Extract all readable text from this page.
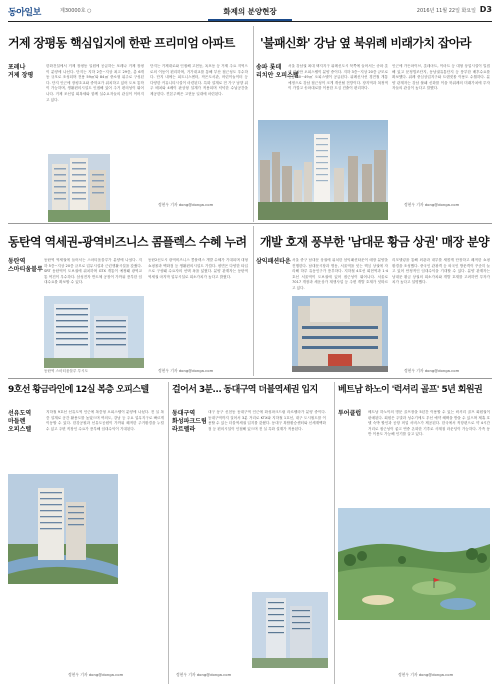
동아일보	제30000호 ○	화제의 분양현장	2016년 11월 22일 화요일 D3
거제 장평동 핵심입지에 한판 프리미엄 아파트
포레나
거제 장평
한화건설에서 거제 장평동 일원에 공급하는 포레나 거제 장평이 분양에 나선다. 단지는 지하 2층~지상 최고 29층, 총 6개 동 규모로 조성되며 전용 59㎡와 84㎡ 중소형 위주로 구성된다. 단지 인근에 장평초교와 중학교가 위치하고 있어 도보 통학이 가능하며, 생활편의시설도 인접해 있어 주거 편의성이 뛰어나다. 거제 조선업 회복세와 함께 실수요자들의 관심이 이어지고 있다.
단지는 거제대로와 인접해 고현동, 옥포동 등 거제 주요 지역으로의 이동이 편리하며, 거가대교를 통해 부산 접근성도 우수하다. 단지 내에는 피트니스센터, 작은도서관, 어린이놀이터 등 다양한 커뮤니티시설이 마련된다. 특화 설계로 전 가구 남향 위주 배치와 4베이 판상형 설계가 적용되며 넉넉한 수납공간을 제공한다. 견본주택은 고현동 일대에 마련된다.
정현우 기자 dong@donga.com
'불패신화' 강남 옆 북위례 비래가치 잡아라
송파 롯데
리치안 오피스텔
서울 강남권 최대 택지지구 위례신도시 북쪽에 들어서는 송파 롯데 리치안 오피스텔이 분양 중이다. 지하 3층~지상 20층 규모로 전용 20~49㎡ 오피스텔이 공급된다. 위례신사선 경전철 개통 예정으로 강남 접근성이 크게 개선될 전망이다. 장지역과 복정역이 가깝고 송파대로를 이용한 도심 진출이 편리하다.
인근에 가든파이브, 롯데마트, 이마트 등 대형 상업시설이 밀집해 있고 문정법조단지, 동남권유통단지 등 풍부한 배후수요를 확보했다. 위례 중심상업지구와 트랜짓몰 이용도 수월하다. 분양 관계자는 강남 불패 신화를 이을 북위례의 미래가치에 투자자들의 관심이 높다고 말했다.
정현우 기자 dong@donga.com
동탄역 역세권-광역비즈니스 콤플렉스 수혜 누려
동탄역
스마티움블루
동탄역 역세권에 들어서는 스마티움블루가 분양에 나섰다. 지하 5층~지상 20층 규모로 업무시설과 근린생활시설을 갖췄다. SRT 동탄역이 도보권에 위치하며 GTX 개통이 예정돼 광역교통 여건이 우수하다. 삼성전자 반도체 공장이 가까워 풍부한 임대수요를 확보할 수 있다.
동탄역 스마티움블루 투시도
동탄2신도시 광역비즈니스 콤플렉스 개발 수혜가 기대되며 대형 쇼핑몰과 백화점 등 생활편의시설도 가깝다. 평면은 다양한 타입으로 구성돼 수요자의 선택 폭을 넓혔다. 분양 관계자는 동탄역 역세권 마지막 업무시설로 희소가치가 높다고 밝혔다.
정현우 기자 dong@donga.com
개발 호재 풍부한 '남대문 황금 상권' 매장 분양
삼익패션타운 서울 중구 남대문 상권에 위치한 삼익패션타운이 매장 분양을 진행한다. 남대문시장과 명동, 서울역을 잇는 핵심 상권에 자리해 하루 유동인구가 풍부하다. 지하철 4호선 회현역과 1·4호선 서울역이 도보권에 있어 접근성이 뛰어나다. 서울로 7017 개장과 세운상가 재생사업 등 주변 개발 호재가 잇따르고 있다.
리모델링을 통해 외관과 내부를 새롭게 단장하고 쾌적한 쇼핑 환경을 조성했다. 중국인 관광객 등 외국인 방문객이 꾸준히 늘고 있어 안정적인 임대수익을 기대할 수 있다. 분양 관계자는 남대문 황금 상권의 희소가치와 개발 호재를 고려하면 투자가치가 높다고 설명했다.
정현우 기자 dong@donga.com
9호선 황금라인에 12실 복층 오피스텔
선유도역
마들렌
오피스텔
지하철 9호선 선유도역 인근에 복층형 오피스텔이 분양에 나섰다. 전 실 복층 설계로 공간 활용도를 높였으며 여의도, 강남 등 주요 업무지구로 빠르게 이동할 수 있다. 한강공원과 선유도공원이 가까워 쾌적한 주거환경을 누릴 수 있고 주변 직장인 수요가 풍부해 임대수익이 기대된다.
정현우 기자 dong@donga.com
걸어서 3분… 동대구역 더블역세권 입지
동대구역
화성파크드림
라르펠라
대구 동구 신천동 동대구역 인근에 화성파크드림 라르펠라가 분양 중이다. 동대구역까지 걸어서 3분 거리로 KTX와 지하철 1호선, 대구 도시철도를 이용할 수 있는 더블역세권 입지를 갖췄다. 동대구 복합환승센터와 신세계백화점 등 편의시설이 인접해 있으며 전 실 특화 설계가 적용된다.
정현우 기자 dong@donga.com
베트남 하노이 '럭셔리 골프' 5년 회원권
투어클럽 베트남 하노이의 명문 골프장을 5년간 이용할 수 있는 럭셔리 골프 회원권이 판매된다. 회원은 주말과 성수기에도 우선 예약 혜택을 받을 수 있으며 제휴 호텔 숙박 할인과 공항 픽업 서비스가 제공된다. 한국에서 직항편으로 약 4시간 거리로 접근성이 좋고 연중 온화한 기후로 사계절 라운딩이 가능하다. 가족 동반 이용도 가능해 인기를 끌고 있다.
정현우 기자 dong@donga.com
